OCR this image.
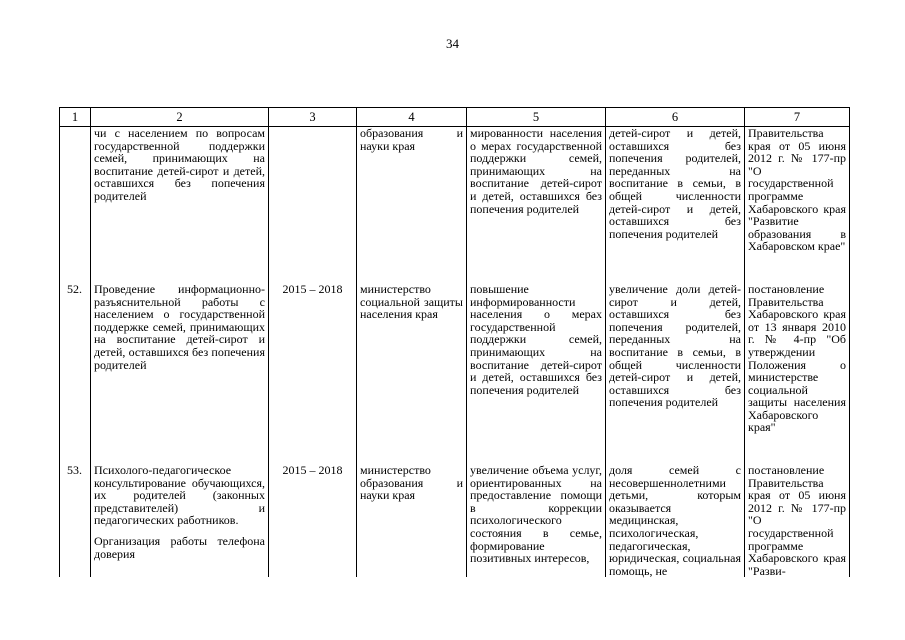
34
1	2	3	4	5	6	7

	чи с населением по вопросам государственной поддержки семей, принимающих на воспитание детей-сирот и детей, оставшихся без попечения родителей		образования и науки края	мированности населения о мерах государственной поддержки семей, принимающих на воспитание детей-сирот и детей, оставшихся без попечения родителей	детей-сирот и детей, оставшихся без попечения родителей, переданных на воспитание в семьи, в общей численности детей-сирот и детей, оставшихся без попечения родителей	Правительства края от 05 июня 2012 г. № 177-пр "О государственной программе Хабаровского края "Развитие образования в Хабаровском крае"

52.	Проведение информационно-разъяснительной работы с населением о государственной поддержке семей, принимающих на воспитание детей-сирот и детей, оставшихся без попечения родителей	2015 – 2018	министерство социальной защиты населения края	повышение информированности населения о мерах государственной поддержки семей, принимающих на воспитание детей-сирот и детей, оставшихся без попечения родителей	увеличение доли детей-сирот и детей, оставшихся без попечения родителей, переданных на воспитание в семьи, в общей численности детей-сирот и детей, оставшихся без попечения родителей	постановление Правительства Хабаровского края от 13 января 2010 г. № 4-пр "Об утверждении Положения о министерстве социальной защиты населения Хабаровского края"

53.	Психолого-педагогическое консультирование обучающихся, их родителей (законных представителей) и педагогических работников.
Организация работы телефона доверия	2015 – 2018	министерство образования и науки края	увеличение объема услуг, ориентированных на предоставление помощи в коррекции психологического состояния в семье, формирование позитивных интересов,	доля семей с несовершеннолетними детьми, которым оказывается медицинская, психологическая, педагогическая, юридическая, социальная помощь, не	постановление Правительства края от 05 июня 2012 г. № 177-пр "О государственной программе Хабаровского края "Разви-
